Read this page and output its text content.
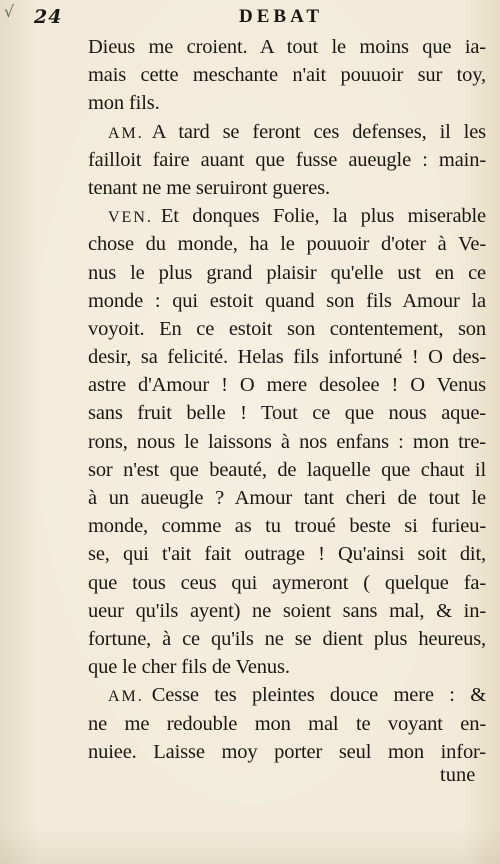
√ 24	DEBAT
Dieus me croient. A tout le moins que ia-
mais cette meschante n'ait pouuoir sur toy,
mon fils.
AM. A tard se feront ces defenses, il les
failloit faire auant que fusse aueugle : main-
tenant ne me seruiront gueres.
VEN. Et donques Folie, la plus miserable
chose du monde, ha le pouuoir d'oter à Ve-
nus le plus grand plaisir qu'elle ust en ce
monde : qui estoit quand son fils Amour la
voyoit. En ce estoit son contentement, son
desir, sa felicité. Helas fils infortuné ! O des-
astre d'Amour ! O mere desolee ! O Venus
sans fruit belle ! Tout ce que nous aque-
rons, nous le laissons à nos enfans : mon tre-
sor n'est que beauté, de laquelle que chaut il
à un aueugle ? Amour tant cheri de tout le
monde, comme as tu troué beste si furieu-
se, qui t'ait fait outrage ! Qu'ainsi soit dit,
que tous ceus qui aymeront ( quelque fa-
ueur qu'ils ayent) ne soient sans mal, & in-
fortune, à ce qu'ils ne se dient plus heureus,
que le cher fils de Venus.
AM. Cesse tes pleintes douce mere : &
ne me redouble mon mal te voyant en-
nuiee. Laisse moy porter seul mon infor-
tune
